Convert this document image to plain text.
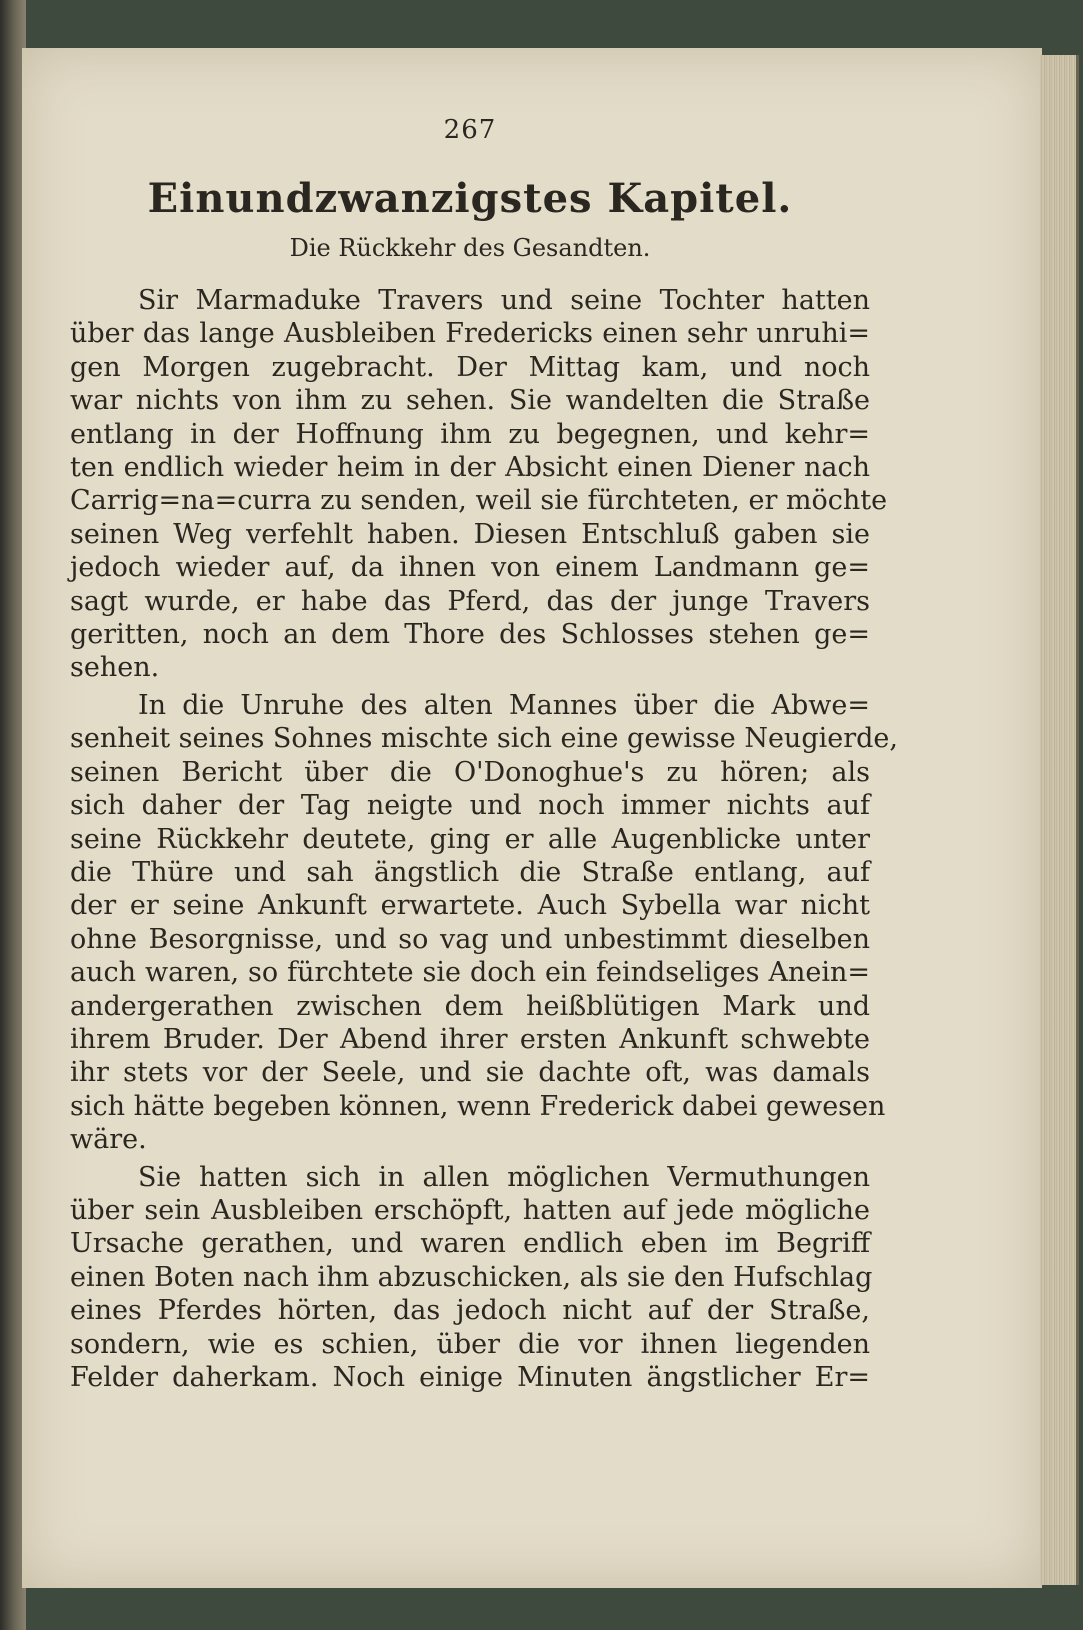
267
Einundzwanzigstes Kapitel.
Die Rückkehr des Gesandten.
Sir Marmaduke Travers und seine Tochter hatten
über das lange Ausbleiben Fredericks einen sehr unruhi=
gen Morgen zugebracht. Der Mittag kam, und noch
war nichts von ihm zu sehen. Sie wandelten die Straße
entlang in der Hoffnung ihm zu begegnen, und kehr=
ten endlich wieder heim in der Absicht einen Diener nach
Carrig=na=curra zu senden, weil sie fürchteten, er möchte
seinen Weg verfehlt haben. Diesen Entschluß gaben sie
jedoch wieder auf, da ihnen von einem Landmann ge=
sagt wurde, er habe das Pferd, das der junge Travers
geritten, noch an dem Thore des Schlosses stehen ge=
sehen.
In die Unruhe des alten Mannes über die Abwe=
senheit seines Sohnes mischte sich eine gewisse Neugierde,
seinen Bericht über die O'Donoghue's zu hören; als
sich daher der Tag neigte und noch immer nichts auf
seine Rückkehr deutete, ging er alle Augenblicke unter
die Thüre und sah ängstlich die Straße entlang, auf
der er seine Ankunft erwartete. Auch Sybella war nicht
ohne Besorgnisse, und so vag und unbestimmt dieselben
auch waren, so fürchtete sie doch ein feindseliges Anein=
andergerathen zwischen dem heißblütigen Mark und
ihrem Bruder. Der Abend ihrer ersten Ankunft schwebte
ihr stets vor der Seele, und sie dachte oft, was damals
sich hätte begeben können, wenn Frederick dabei gewesen
wäre.
Sie hatten sich in allen möglichen Vermuthungen
über sein Ausbleiben erschöpft, hatten auf jede mögliche
Ursache gerathen, und waren endlich eben im Begriff
einen Boten nach ihm abzuschicken, als sie den Hufschlag
eines Pferdes hörten, das jedoch nicht auf der Straße,
sondern, wie es schien, über die vor ihnen liegenden
Felder daherkam. Noch einige Minuten ängstlicher Er=
